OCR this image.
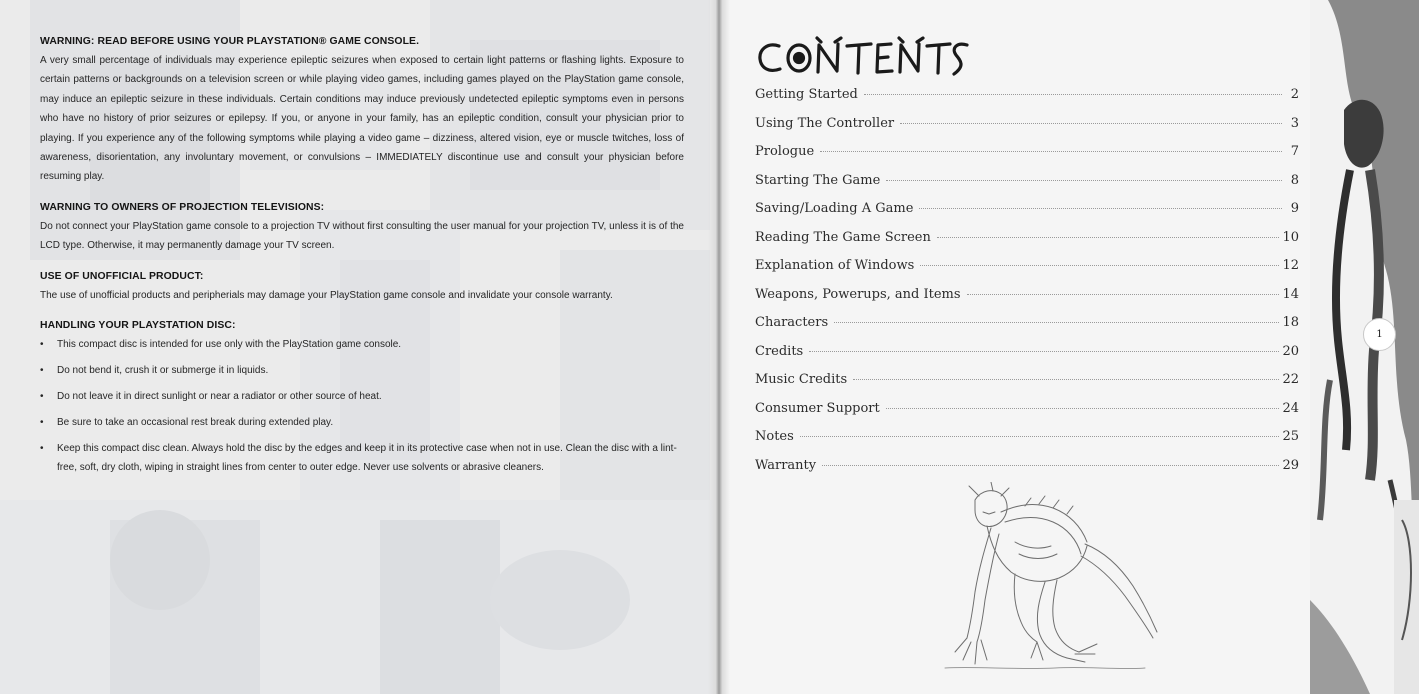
WARNING: READ BEFORE USING YOUR PLAYSTATION® GAME CONSOLE.

A very small percentage of individuals may experience epileptic seizures when exposed to certain light patterns or flashing lights. Exposure to certain patterns or backgrounds on a television screen or while playing video games, including games played on the PlayStation game console, may induce an epileptic seizure in these individuals. Certain conditions may induce previously undetected epileptic symptoms even in persons who have no history of prior seizures or epilepsy. If you, or anyone in your family, has an epileptic condition, consult your physician prior to playing. If you experience any of the following symptoms while playing a video game – dizziness, altered vision, eye or muscle twitches, loss of awareness, disorientation, any involuntary movement, or convulsions – IMMEDIATELY discontinue use and consult your physician before resuming play.

WARNING TO OWNERS OF PROJECTION TELEVISIONS:

Do not connect your PlayStation game console to a projection TV without first consulting the user manual for your projection TV, unless it is of the LCD type. Otherwise, it may permanently damage your TV screen.

USE OF UNOFFICIAL PRODUCT:

The use of unofficial products and peripherials may damage your PlayStation game console and invalidate your console warranty.

HANDLING YOUR PLAYSTATION DISC:
• This compact disc is intended for use only with the PlayStation game console.
• Do not bend it, crush it or submerge it in liquids.
• Do not leave it in direct sunlight or near a radiator or other source of heat.
• Be sure to take an occasional rest break during extended play.
• Keep this compact disc clean. Always hold the disc by the edges and keep it in its protective case when not in use. Clean the disc with a lint-free, soft, dry cloth, wiping in straight lines from center to outer edge. Never use solvents or abrasive cleaners.
Getting Started	2
Using The Controller	3
Prologue	7
Starting The Game	8
Saving/Loading A Game	9
Reading The Game Screen	10
Explanation of Windows	12
Weapons, Powerups, and Items	14
Characters	18
Credits	20
Music Credits	22
Consumer Support	24
Notes	25
Warranty	29
1
